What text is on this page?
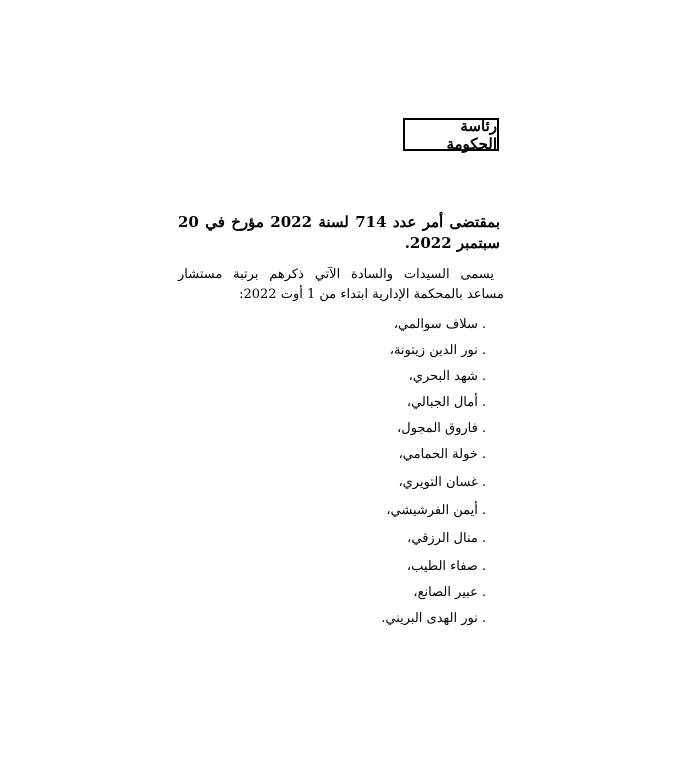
رئاسة الحكومة
بمقتضى أمر عدد 714 لسنة 2022 مؤرخ في 20 سبتمبر 2022.
يسمى السيدات والسادة الآتي ذكرهم برتبة مستشار مساعد بالمحكمة الإدارية ابتداء من 1 أوت 2022:
.سلاف سوالمي،
.نور الدين زيتونة،
.شهد البحري،
.أمال الجبالي،
.فاروق المجول،
.خولة الحمامي،
.غسان التويري،
.أيمن الفرشيشي،
.منال الرزقي،
.صفاء الطيب،
.عبير الصانع،
.نور الهدى البريني.
